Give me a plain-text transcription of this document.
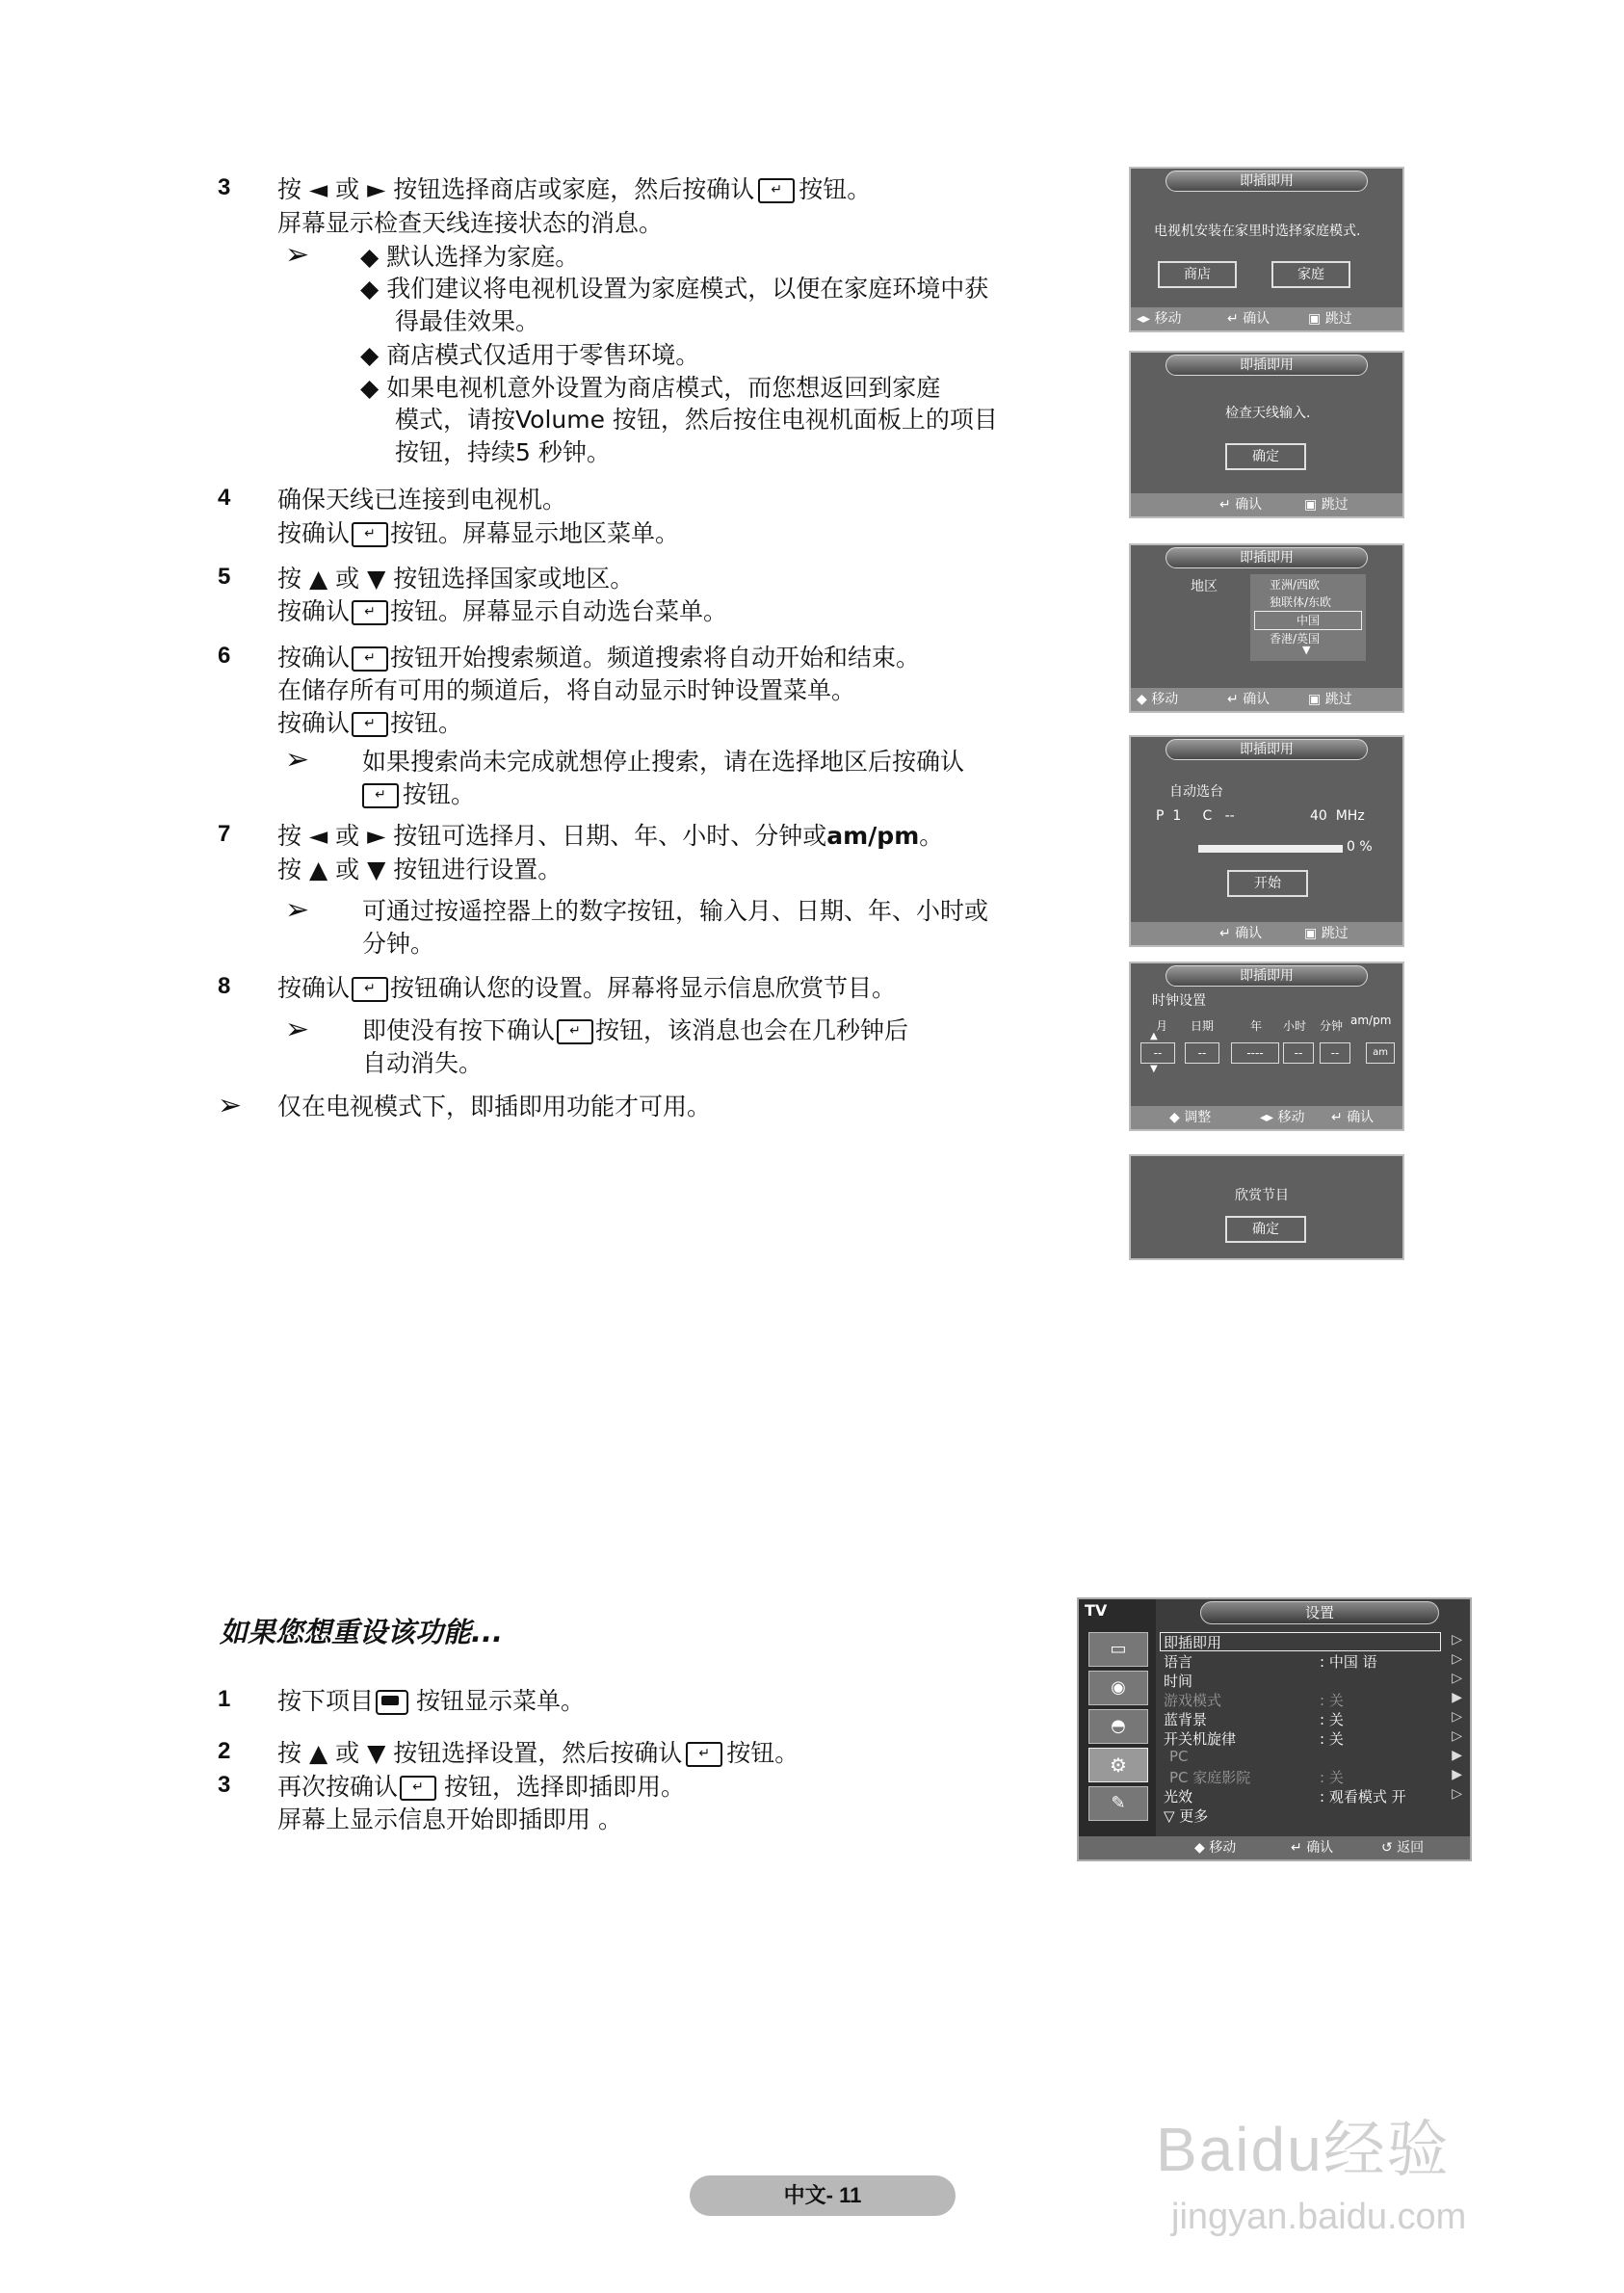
3 按 ◄ 或 ► 按钮选择商店或家庭，然后按确认 ↵ 按钮。
屏幕显示检查天线连接状态的消息。
➢ ◆ 默认选择为家庭。
◆ 我们建议将电视机设置为家庭模式，以便在家庭环境中获
得最佳效果。
◆ 商店模式仅适用于零售环境。
◆ 如果电视机意外设置为商店模式，而您想返回到家庭
模式，请按Volume 按钮，然后按住电视机面板上的项目
按钮，持续5 秒钟。
4 确保天线已连接到电视机。
按确认 ↵ 按钮。屏幕显示地区菜单。
5 按 ▲ 或 ▼ 按钮选择国家或地区。
按确认 ↵ 按钮。屏幕显示自动选台菜单。
6 按确认 ↵ 按钮开始搜索频道。频道搜索将自动开始和结束。
在储存所有可用的频道后，将自动显示时钟设置菜单。
按确认 ↵ 按钮。
➢ 如果搜索尚未完成就想停止搜索，请在选择地区后按确认
↵ 按钮。
7 按 ◄ 或 ► 按钮可选择月、日期、年、小时、分钟或am/pm。
按 ▲ 或 ▼ 按钮进行设置。
➢ 可通过按遥控器上的数字按钮，输入月、日期、年、小时或
分钟。
8 按确认 ↵ 按钮确认您的设置。屏幕将显示信息欣赏节目。
➢ 即使没有按下确认 ↵ 按钮，该消息也会在几秒钟后
自动消失。
➢ 仅在电视模式下，即插即用功能才可用。
即插即用
电视机安装在家里时选择家庭模式.
商店	家庭
◂▸ 移动	↵ 确认	▣ 跳过
即插即用
检查天线输入.
确定
↵ 确认	▣ 跳过
即插即用
地区	亚洲/西欧
独联体/东欧
中国
香港/英国
▼
◆ 移动	↵ 确认	▣ 跳过
即插即用
自动选台
P  1     C   --	40  MHz
0 %
开始
↵ 确认	▣ 跳过
即插即用
时钟设置
月 日期	年 小时 分钟 am/pm
▲
--	--	----	--	--	am
▼
◆ 调整	◂▸ 移动 ↵ 确认
欣赏节目
确定
如果您想重设该功能...
1 按下项目 按钮显示菜单。
2 按 ▲ 或 ▼ 按钮选择设置，然后按确认 ↵ 按钮。
3 再次按确认 ↵ 按钮，选择即插即用。
屏幕上显示信息开始即插即用 。
TV
▭
◉
◓
⚙
✎
设置
即插即用
语言	: 中国 语
时间
游戏模式	: 关
蓝背景	: 关
开关机旋律	: 关
PC
PC 家庭影院	: 关
光效	: 观看模式 开
▽ 更多
▷
▷
▷
▶
▷
▷
▶
▶
▷
◆ 移动	↵ 确认	↺ 返回
中文- 11
Baidu经验
jingyan.baidu.com
